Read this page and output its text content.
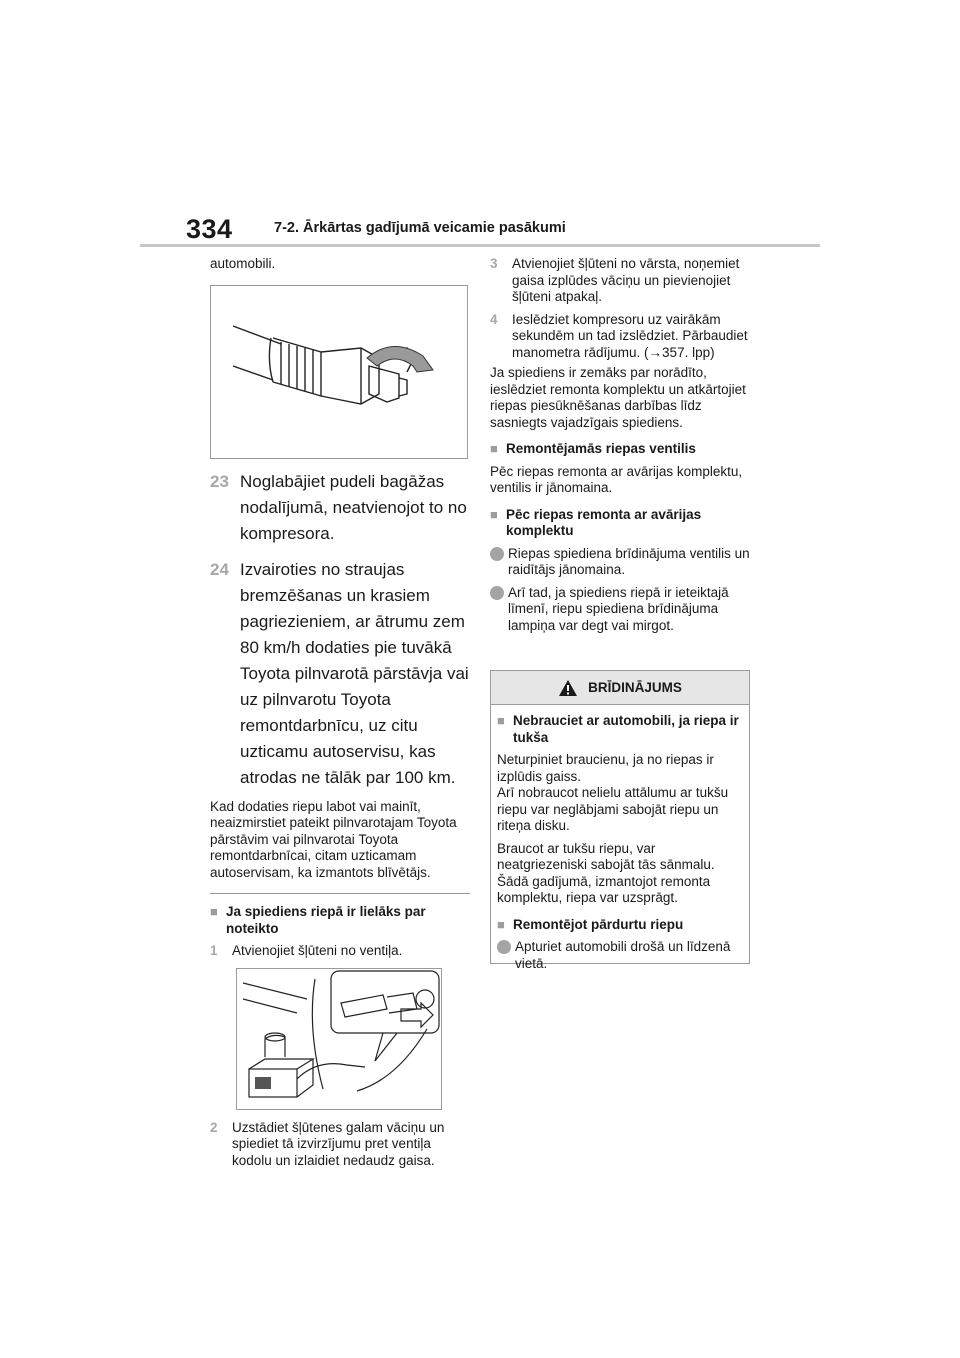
334	7-2. Ārkārtas gadījumā veicamie pasākumi
automobili.
23 Noglabājiet pudeli bagāžas nodalījumā, neatvienojot to no kompresora.
24 Izvairoties no straujas bremzēšanas un krasiem pagriezieniem, ar ātrumu zem 80 km/h dodaties pie tuvākā Toyota pilnvarotā pārstāvja vai uz pilnvarotu Toyota remontdarbnīcu, uz citu uzticamu autoservisu, kas atrodas ne tālāk par 100 km.
Kad dodaties riepu labot vai mainīt, neaizmirstiet pateikt pilnvarotajam Toyota pārstāvim vai pilnvarotai Toyota remontdarbnīcai, citam uzticamam autoservisam, ka izmantots blīvētājs.
■ Ja spiediens riepā ir lielāks par noteikto
1	Atvienojiet šļūteni no ventiļa.
2	Uzstādiet šļūtenes galam vāciņu un spiediet tā izvirzījumu pret ventiļa kodolu un izlaidiet nedaudz gaisa.
3	Atvienojiet šļūteni no vārsta, noņemiet gaisa izplūdes vāciņu un pievienojiet šļūteni atpakaļ.
4	Ieslēdziet kompresoru uz vairākām sekundēm un tad izslēdziet. Pārbaudiet manometra rādījumu. (→357. lpp)
Ja spiediens ir zemāks par norādīto, ieslēdziet remonta komplektu un atkārtojiet riepas piesūknēšanas darbības līdz sasniegts vajadzīgais spiediens.
■ Remontējamās riepas ventilis
Pēc riepas remonta ar avārijas komplektu, ventilis ir jānomaina.
■ Pēc riepas remonta ar avārijas komplektu
Riepas spiediena brīdinājuma ventilis un raidītājs jānomaina.
Arī tad, ja spiediens riepā ir ieteiktajā līmenī, riepu spiediena brīdinājuma lampiņa var degt vai mirgot.
BRĪDINĀJUMS
■ Nebrauciet ar automobili, ja riepa ir tukša
Neturpiniet braucienu, ja no riepas ir izplūdis gaiss.
Arī nobraucot nelielu attālumu ar tukšu riepu var neglābjami sabojāt riepu un riteņa disku.
Braucot ar tukšu riepu, var neatgriezeniski sabojāt tās sānmalu. Šādā gadījumā, izmantojot remonta komplektu, riepa var uzsprāgt.
■ Remontējot pārdurtu riepu
Apturiet automobili drošā un līdzenā vietā.
